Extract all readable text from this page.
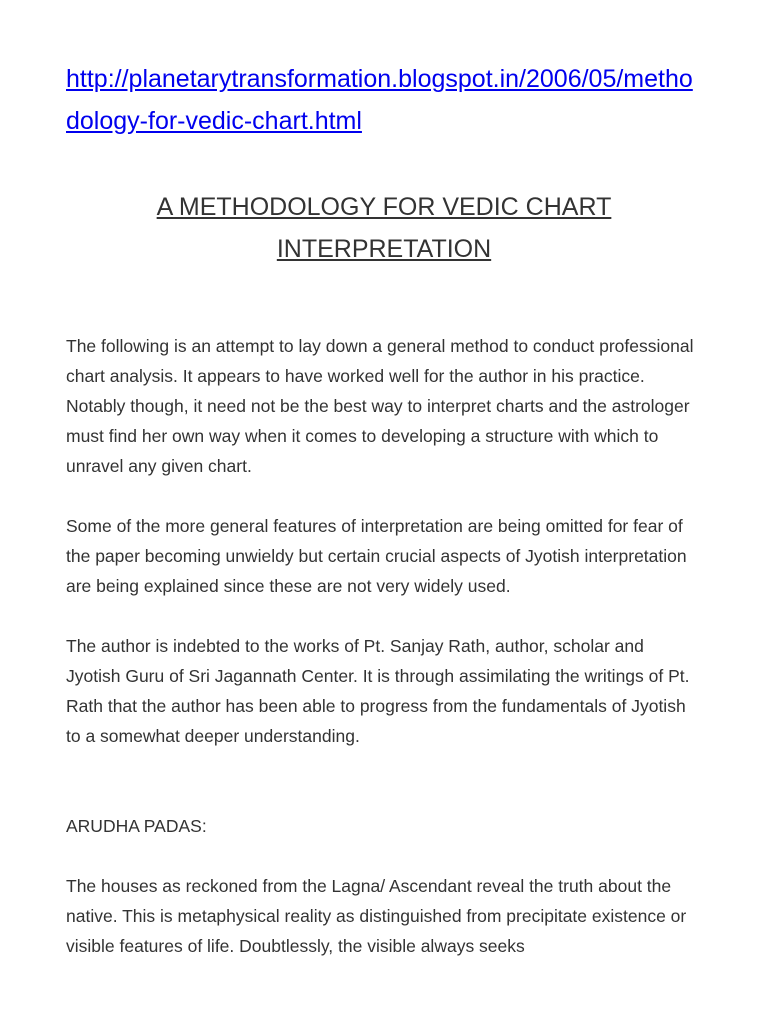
http://planetarytransformation.blogspot.in/2006/05/methodology-for-vedic-chart.html
A METHODOLOGY FOR VEDIC CHART
INTERPRETATION

The following is an attempt to lay down a general method to conduct professional chart analysis. It appears to have worked well for the author in his practice. Notably though, it need not be the best way to interpret charts and the astrologer must find her own way when it comes to developing a structure with which to unravel any given chart.

Some of the more general features of interpretation are being omitted for fear of the paper becoming unwieldy but certain crucial aspects of Jyotish interpretation are being explained since these are not very widely used.

The author is indebted to the works of Pt. Sanjay Rath, author, scholar and Jyotish Guru of Sri Jagannath Center. It is through assimilating the writings of Pt. Rath that the author has been able to progress from the fundamentals of Jyotish to a somewhat deeper understanding.

ARUDHA PADAS:

The houses as reckoned from the Lagna/ Ascendant reveal the truth about the native. This is metaphysical reality as distinguished from precipitate existence or visible features of life. Doubtlessly, the visible always seeks
